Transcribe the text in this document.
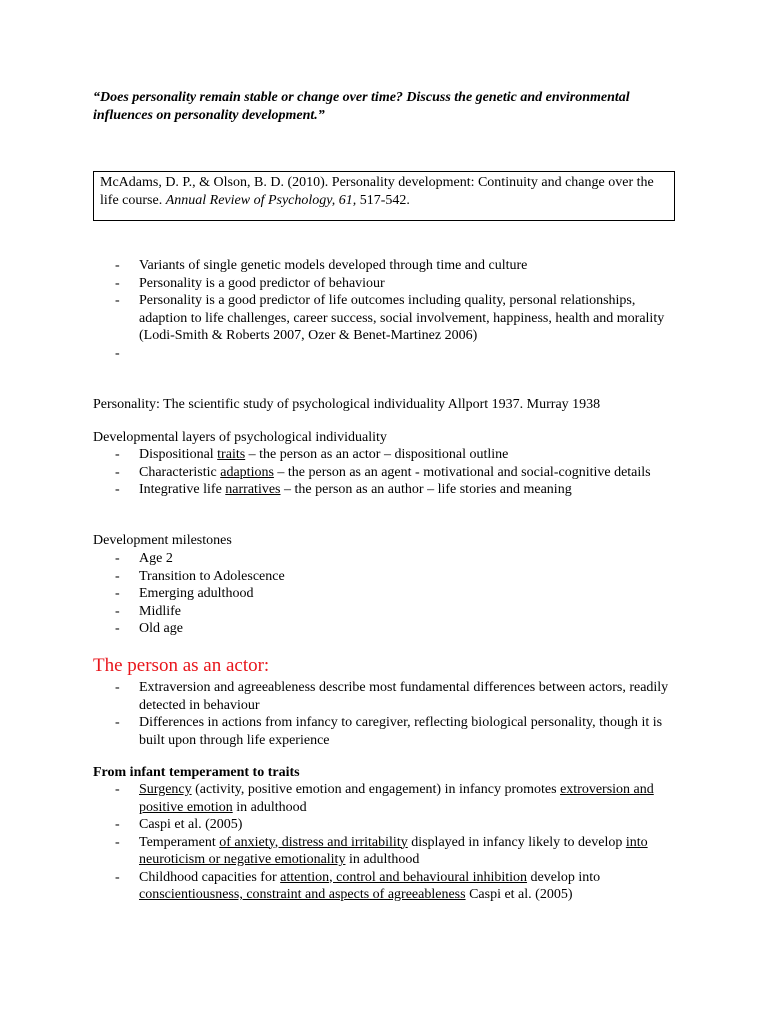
“Does personality remain stable or change over time? Discuss the genetic and environmental influences on personality development.”
McAdams, D. P., & Olson, B. D. (2010). Personality development: Continuity and change over the life course. Annual Review of Psychology, 61, 517-542.
- Variants of single genetic models developed through time and culture
- Personality is a good predictor of behaviour
- Personality is a good predictor of life outcomes including quality, personal relationships, adaption to life challenges, career success, social involvement, happiness, health and morality (Lodi-Smith & Roberts 2007, Ozer & Benet-Martinez 2006)
-

Personality: The scientific study of psychological individuality Allport 1937. Murray 1938
Developmental layers of psychological individuality
- Dispositional traits – the person as an actor – dispositional outline
- Characteristic adaptions – the person as an agent - motivational and social-cognitive details
- Integrative life narratives – the person as an author – life stories and meaning
Development milestones
- Age 2
- Transition to Adolescence
- Emerging adulthood
- Midlife
- Old age
The person as an actor:
- Extraversion and agreeableness describe most fundamental differences between actors, readily detected in behaviour
- Differences in actions from infancy to caregiver, reflecting biological personality, though it is built upon through life experience
From infant temperament to traits
- Surgency (activity, positive emotion and engagement) in infancy promotes extroversion and positive emotion in adulthood
- Caspi et al. (2005)
- Temperament of anxiety, distress and irritability displayed in infancy likely to develop into neuroticism or negative emotionality in adulthood
- Childhood capacities for attention, control and behavioural inhibition develop into conscientiousness, constraint and aspects of agreeableness Caspi et al. (2005)
